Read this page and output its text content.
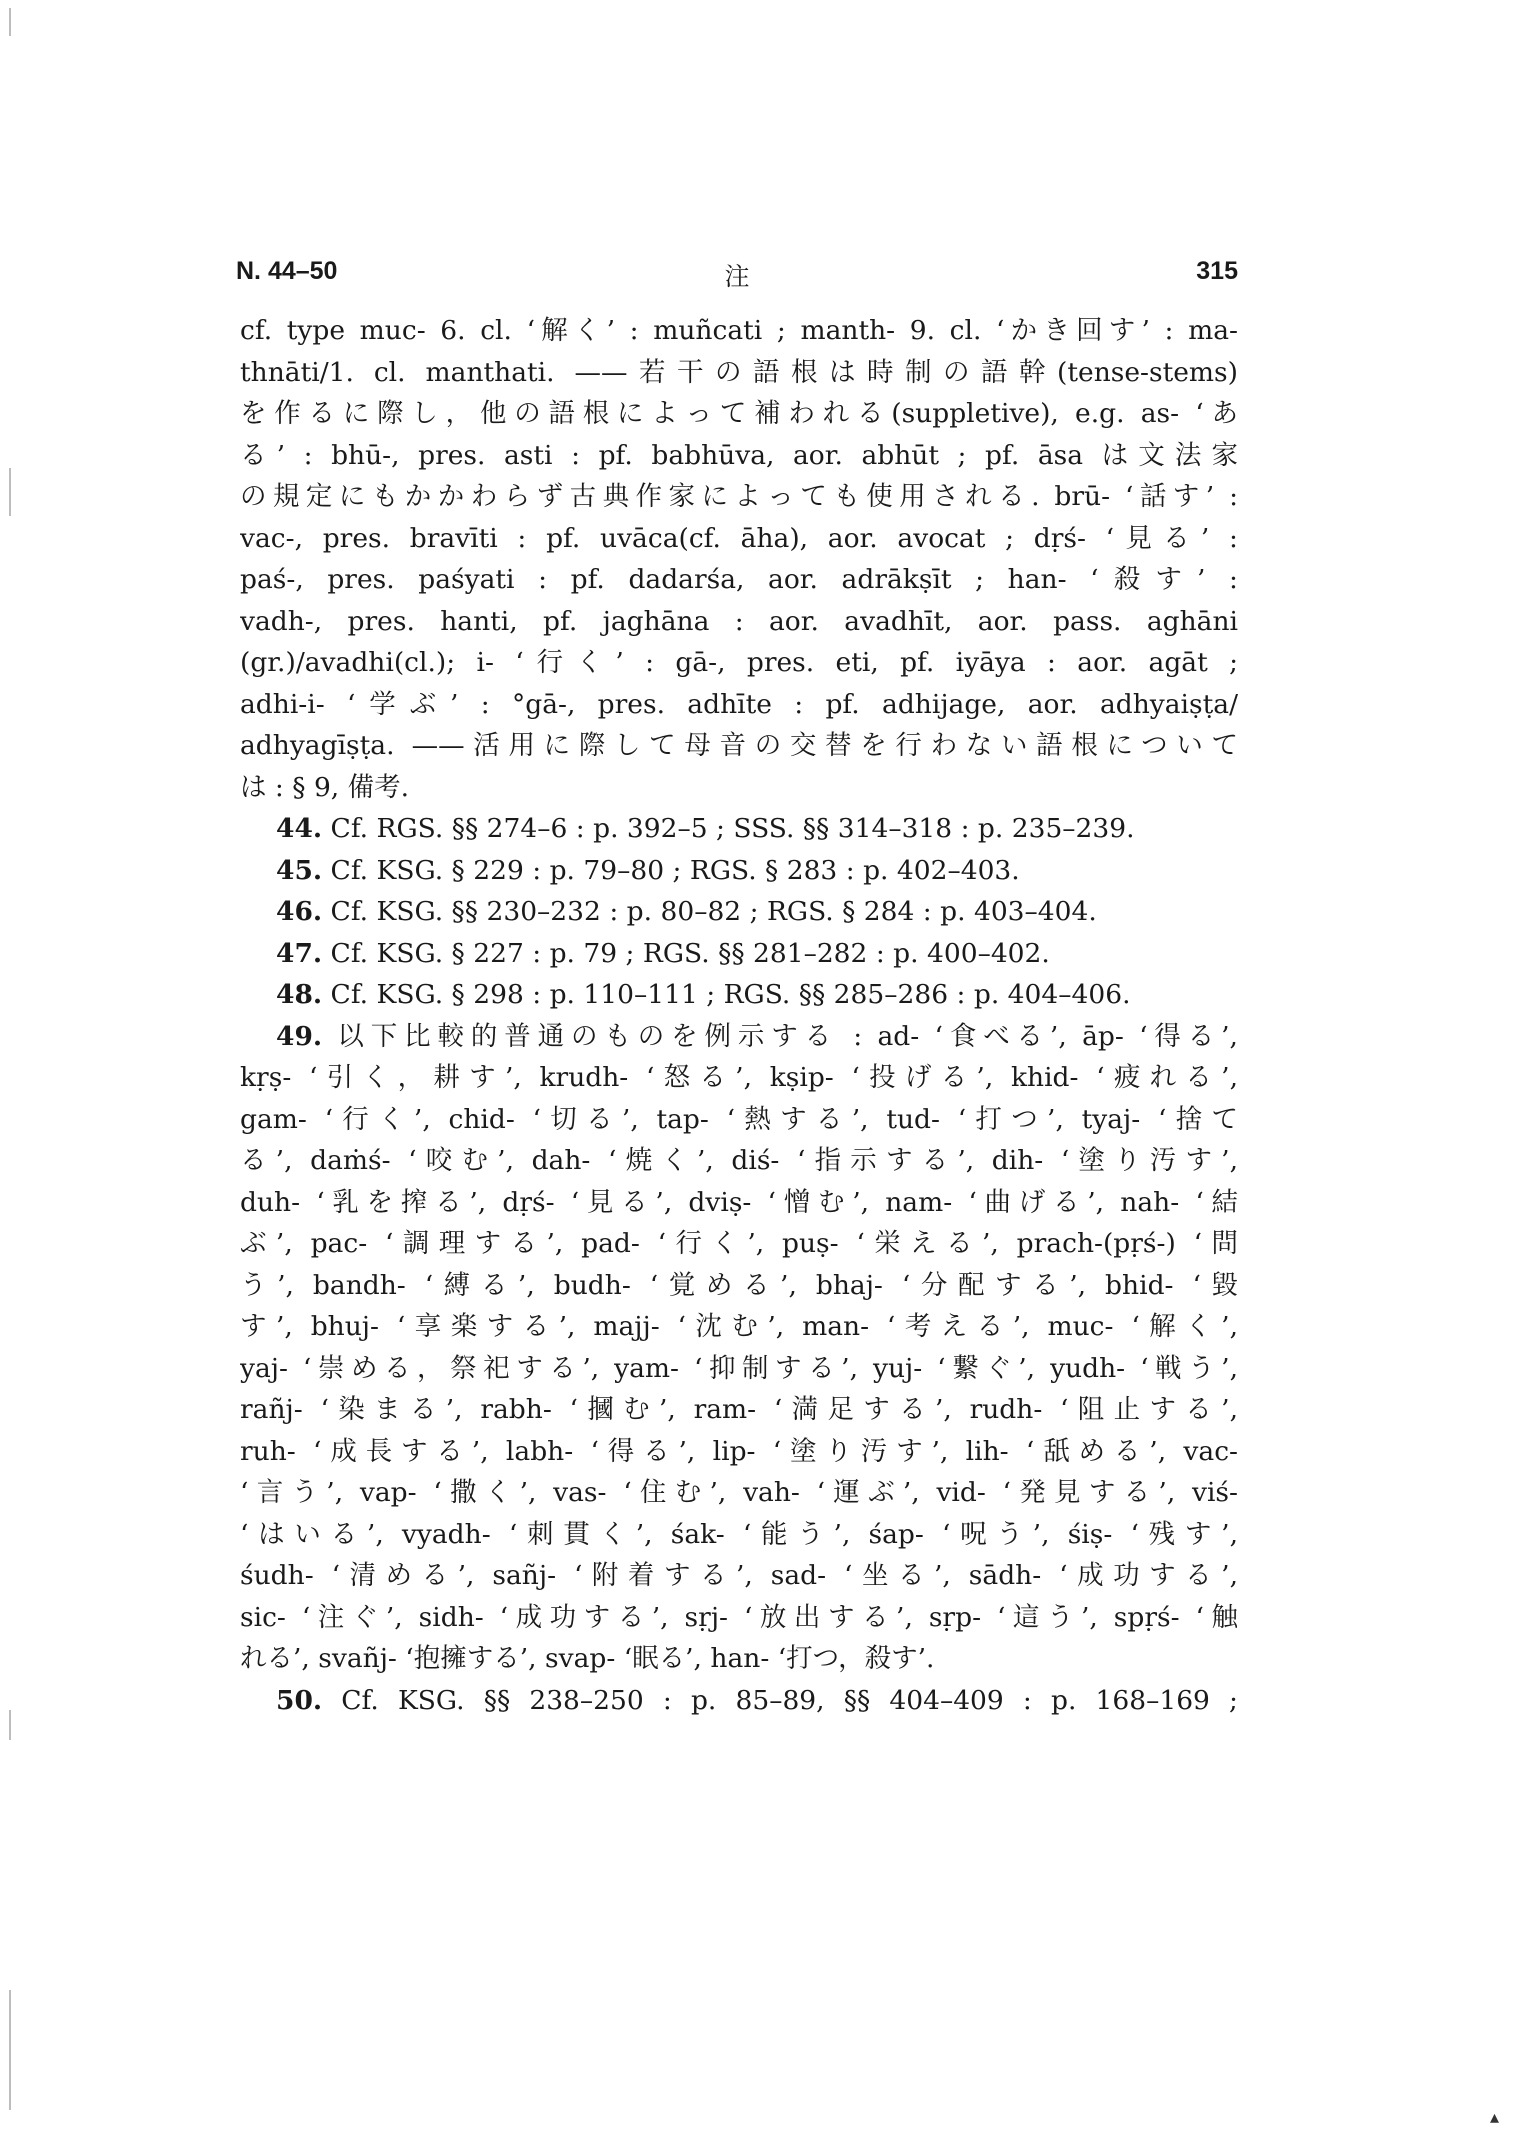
▴
N. 44–50	注	315
cf. type muc- 6. cl. ‘解く’ : muñcati ; manth- 9. cl. ‘かき回す’ : ma-
thnāti/1. cl. manthati. ——若干の語根は時制の語幹(tense-stems)
を作るに際し，他の語根によって補われる(suppletive), e.g. as- ‘あ
る’ : bhū-, pres. asti : pf. babhūva, aor. abhūt ; pf. āsa は文法家
の規定にもかかわらず古典作家によっても使用される. brū- ‘話す’ :
vac-, pres. bravīti : pf. uvāca(cf. āha), aor. avocat ; dṛś- ‘見る’ :
paś-, pres. paśyati : pf. dadarśa, aor. adrākṣīt ; han- ‘殺す’ :
vadh-, pres. hanti, pf. jaghāna : aor. avadhīt, aor. pass. aghāni
(gr.)/avadhi(cl.); i- ‘行く’ : gā-, pres. eti, pf. iyāya : aor. agāt ;
adhi-i- ‘学ぶ’ : °gā-, pres. adhīte : pf. adhijage, aor. adhyaiṣṭa/
adhyagīṣṭa. ——活用に際して母音の交替を行わない語根について
は : § 9, 備考.
44. Cf. RGS. §§ 274–6 : p. 392–5 ; SSS. §§ 314–318 : p. 235–239.
45. Cf. KSG. § 229 : p. 79–80 ; RGS. § 283 : p. 402–403.
46. Cf. KSG. §§ 230–232 : p. 80–82 ; RGS. § 284 : p. 403–404.
47. Cf. KSG. § 227 : p. 79 ; RGS. §§ 281–282 : p. 400–402.
48. Cf. KSG. § 298 : p. 110–111 ; RGS. §§ 285–286 : p. 404–406.
49. 以下比較的普通のものを例示する : ad- ‘食べる’, āp- ‘得る’,
kṛṣ- ‘引く，耕す’, krudh- ‘怒る’, kṣip- ‘投げる’, khid- ‘疲れる’,
gam- ‘行く’, chid- ‘切る’, tap- ‘熱する’, tud- ‘打つ’, tyaj- ‘捨て
る’, daṁś- ‘咬む’, dah- ‘焼く’, diś- ‘指示する’, dih- ‘塗り汚す’,
duh- ‘乳を搾る’, dṛś- ‘見る’, dviṣ- ‘憎む’, nam- ‘曲げる’, nah- ‘結
ぶ’, pac- ‘調理する’, pad- ‘行く’, puṣ- ‘栄える’, prach-(pṛś-) ‘問
う’, bandh- ‘縛る’, budh- ‘覚める’, bhaj- ‘分配する’, bhid- ‘毀
す’, bhuj- ‘享楽する’, majj- ‘沈む’, man- ‘考える’, muc- ‘解く’,
yaj- ‘崇める，祭祀する’, yam- ‘抑制する’, yuj- ‘繋ぐ’, yudh- ‘戦う’,
rañj- ‘染まる’, rabh- ‘摑む’, ram- ‘満足する’, rudh- ‘阻止する’,
ruh- ‘成長する’, labh- ‘得る’, lip- ‘塗り汚す’, lih- ‘舐める’, vac-
‘言う’, vap- ‘撒く’, vas- ‘住む’, vah- ‘運ぶ’, vid- ‘発見する’, viś-
‘はいる’, vyadh- ‘刺貫く’, śak- ‘能う’, śap- ‘呪う’, śiṣ- ‘残す’,
śudh- ‘清める’, sañj- ‘附着する’, sad- ‘坐る’, sādh- ‘成功する’,
sic- ‘注ぐ’, sidh- ‘成功する’, sṛj- ‘放出する’, sṛp- ‘這う’, spṛś- ‘触
れる’, svañj- ‘抱擁する’, svap- ‘眠る’, han- ‘打つ，殺す’.
50. Cf. KSG. §§ 238–250 : p. 85–89, §§ 404–409 : p. 168–169 ;
